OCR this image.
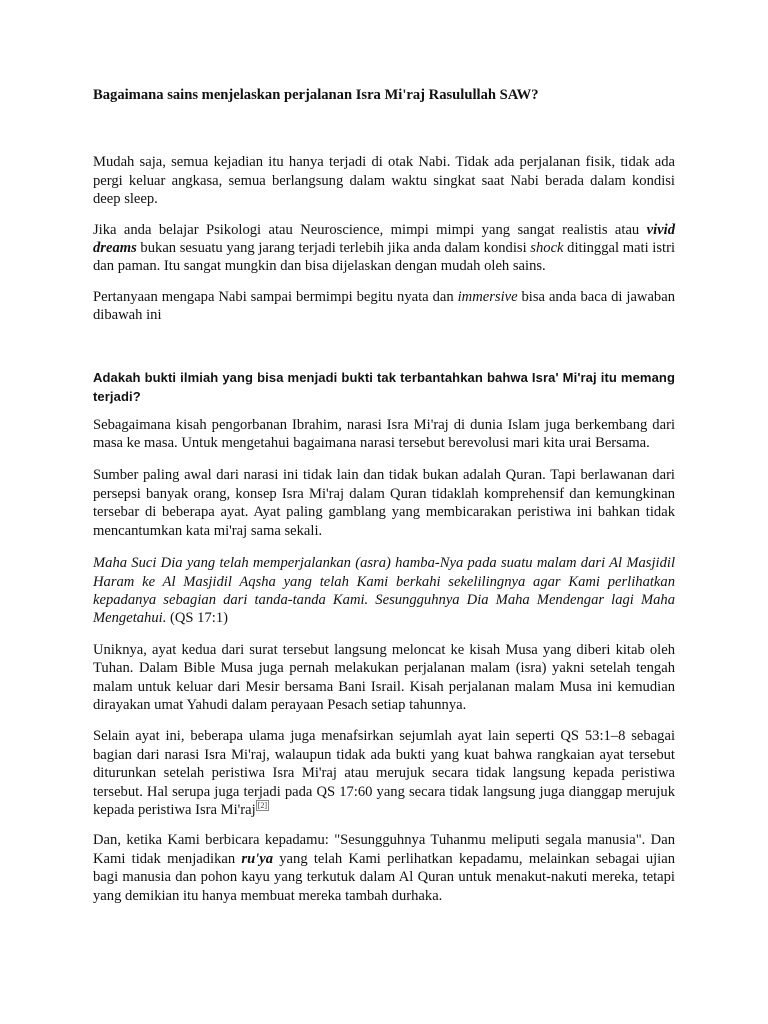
Bagaimana sains menjelaskan perjalanan Isra Mi'raj Rasulullah SAW?

Mudah saja, semua kejadian itu hanya terjadi di otak Nabi. Tidak ada perjalanan fisik, tidak ada pergi keluar angkasa, semua berlangsung dalam waktu singkat saat Nabi berada dalam kondisi deep sleep.

Jika anda belajar Psikologi atau Neuroscience, mimpi mimpi yang sangat realistis atau vivid dreams bukan sesuatu yang jarang terjadi terlebih jika anda dalam kondisi shock ditinggal mati istri dan paman. Itu sangat mungkin dan bisa dijelaskan dengan mudah oleh sains.

Pertanyaan mengapa Nabi sampai bermimpi begitu nyata dan immersive bisa anda baca di jawaban dibawah ini

Adakah bukti ilmiah yang bisa menjadi bukti tak terbantahkan bahwa Isra' Mi'raj itu memang terjadi?

Sebagaimana kisah pengorbanan Ibrahim, narasi Isra Mi'raj di dunia Islam juga berkembang dari masa ke masa. Untuk mengetahui bagaimana narasi tersebut berevolusi mari kita urai Bersama.

Sumber paling awal dari narasi ini tidak lain dan tidak bukan adalah Quran. Tapi berlawanan dari persepsi banyak orang, konsep Isra Mi'raj dalam Quran tidaklah komprehensif dan kemungkinan tersebar di beberapa ayat. Ayat paling gamblang yang membicarakan peristiwa ini bahkan tidak mencantumkan kata mi'raj sama sekali.

Maha Suci Dia yang telah memperjalankan (asra) hamba-Nya pada suatu malam dari Al Masjidil Haram ke Al Masjidil Aqsha yang telah Kami berkahi sekelilingnya agar Kami perlihatkan kepadanya sebagian dari tanda-tanda Kami. Sesungguhnya Dia Maha Mendengar lagi Maha Mengetahui. (QS 17:1)

Uniknya, ayat kedua dari surat tersebut langsung meloncat ke kisah Musa yang diberi kitab oleh Tuhan. Dalam Bible Musa juga pernah melakukan perjalanan malam (isra) yakni setelah tengah malam untuk keluar dari Mesir bersama Bani Israil. Kisah perjalanan malam Musa ini kemudian dirayakan umat Yahudi dalam perayaan Pesach setiap tahunnya.

Selain ayat ini, beberapa ulama juga menafsirkan sejumlah ayat lain seperti QS 53:1–8 sebagai bagian dari narasi Isra Mi'raj, walaupun tidak ada bukti yang kuat bahwa rangkaian ayat tersebut diturunkan setelah peristiwa Isra Mi'raj atau merujuk secara tidak langsung kepada peristiwa tersebut. Hal serupa juga terjadi pada QS 17:60 yang secara tidak langsung juga dianggap merujuk kepada peristiwa Isra Mi'raj [2]

Dan, ketika Kami berbicara kepadamu: "Sesungguhnya Tuhanmu meliputi segala manusia". Dan Kami tidak menjadikan ru'ya yang telah Kami perlihatkan kepadamu, melainkan sebagai ujian bagi manusia dan pohon kayu yang terkutuk dalam Al Quran untuk menakut-nakuti mereka, tetapi yang demikian itu hanya membuat mereka tambah durhaka.
